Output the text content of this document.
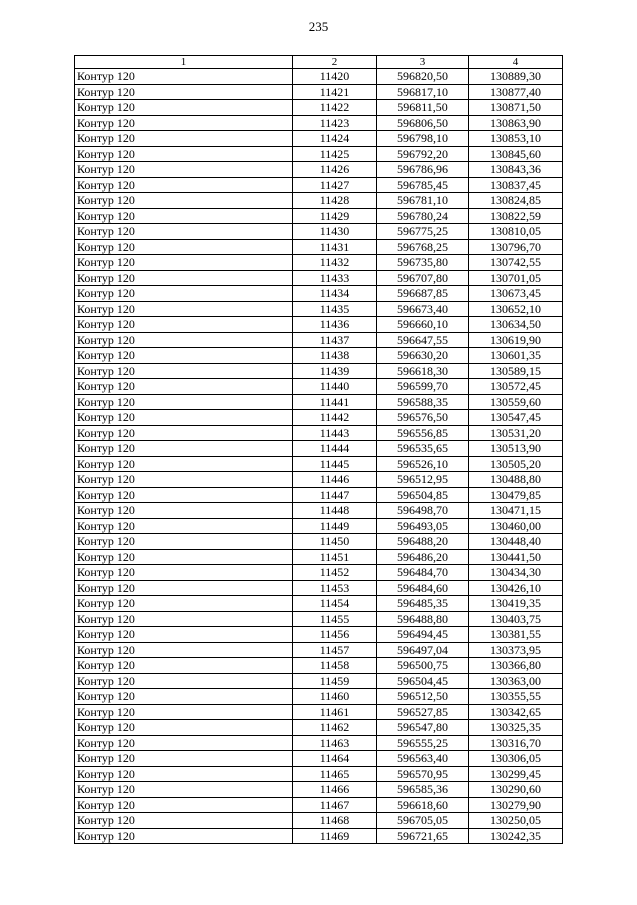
235
1	2	3	4
Контур 120	11420	596820,50	130889,30
Контур 120	11421	596817,10	130877,40
Контур 120	11422	596811,50	130871,50
Контур 120	11423	596806,50	130863,90
Контур 120	11424	596798,10	130853,10
Контур 120	11425	596792,20	130845,60
Контур 120	11426	596786,96	130843,36
Контур 120	11427	596785,45	130837,45
Контур 120	11428	596781,10	130824,85
Контур 120	11429	596780,24	130822,59
Контур 120	11430	596775,25	130810,05
Контур 120	11431	596768,25	130796,70
Контур 120	11432	596735,80	130742,55
Контур 120	11433	596707,80	130701,05
Контур 120	11434	596687,85	130673,45
Контур 120	11435	596673,40	130652,10
Контур 120	11436	596660,10	130634,50
Контур 120	11437	596647,55	130619,90
Контур 120	11438	596630,20	130601,35
Контур 120	11439	596618,30	130589,15
Контур 120	11440	596599,70	130572,45
Контур 120	11441	596588,35	130559,60
Контур 120	11442	596576,50	130547,45
Контур 120	11443	596556,85	130531,20
Контур 120	11444	596535,65	130513,90
Контур 120	11445	596526,10	130505,20
Контур 120	11446	596512,95	130488,80
Контур 120	11447	596504,85	130479,85
Контур 120	11448	596498,70	130471,15
Контур 120	11449	596493,05	130460,00
Контур 120	11450	596488,20	130448,40
Контур 120	11451	596486,20	130441,50
Контур 120	11452	596484,70	130434,30
Контур 120	11453	596484,60	130426,10
Контур 120	11454	596485,35	130419,35
Контур 120	11455	596488,80	130403,75
Контур 120	11456	596494,45	130381,55
Контур 120	11457	596497,04	130373,95
Контур 120	11458	596500,75	130366,80
Контур 120	11459	596504,45	130363,00
Контур 120	11460	596512,50	130355,55
Контур 120	11461	596527,85	130342,65
Контур 120	11462	596547,80	130325,35
Контур 120	11463	596555,25	130316,70
Контур 120	11464	596563,40	130306,05
Контур 120	11465	596570,95	130299,45
Контур 120	11466	596585,36	130290,60
Контур 120	11467	596618,60	130279,90
Контур 120	11468	596705,05	130250,05
Контур 120	11469	596721,65	130242,35
